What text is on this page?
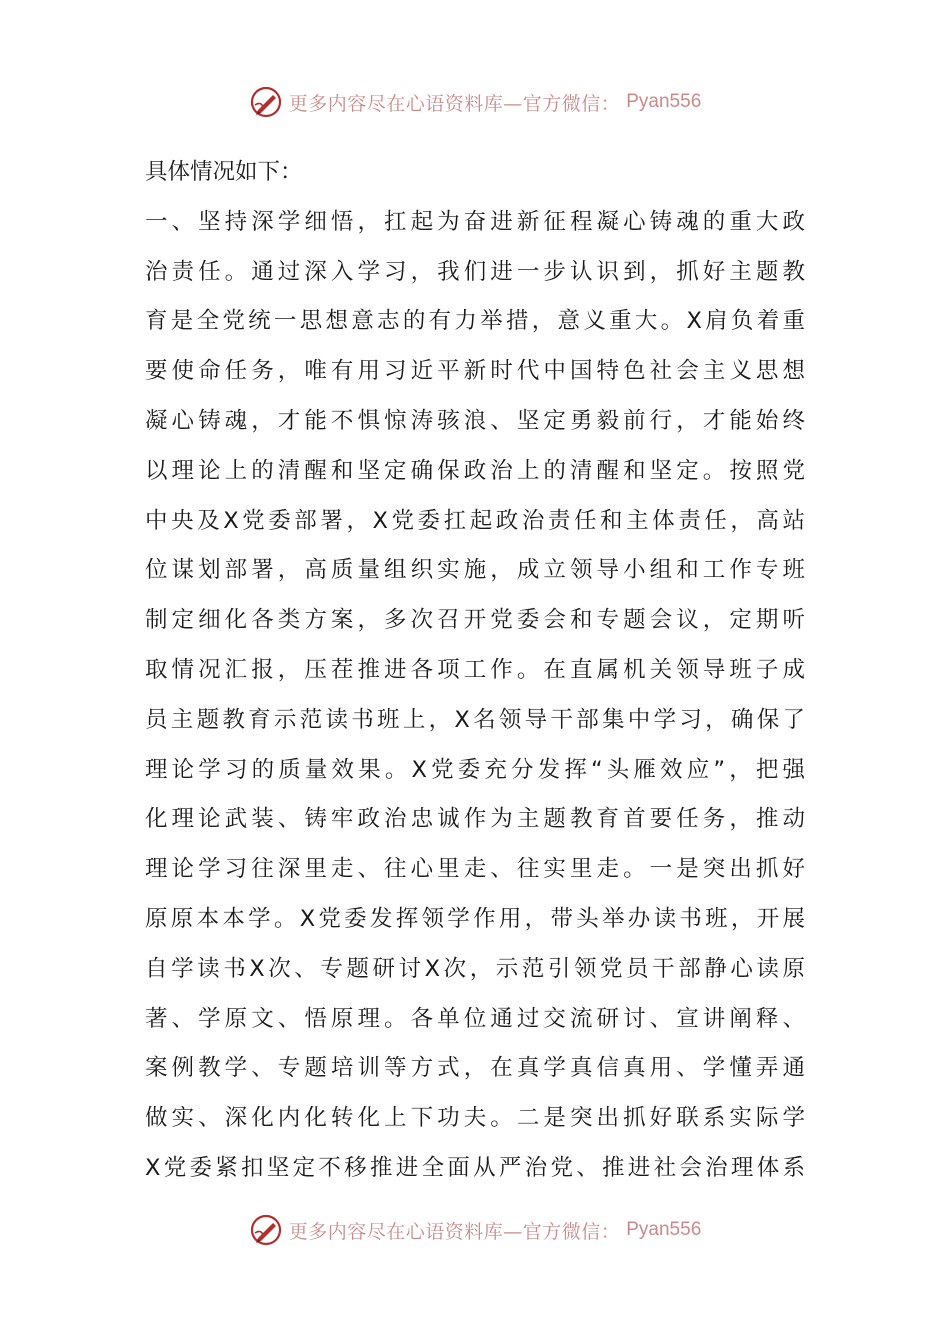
更多内容尽在心语资料库—官方微信： Pyan556
具体情况如下：
一、坚持深学细悟，扛起为奋进新征程凝心铸魂的重大政
治责任。通过深入学习，我们进一步认识到，抓好主题教
育是全党统一思想意志的有力举措，意义重大。X肩负着重
要使命任务，唯有用习近平新时代中国特色社会主义思想
凝心铸魂，才能不惧惊涛骇浪、坚定勇毅前行，才能始终
以理论上的清醒和坚定确保政治上的清醒和坚定。按照党
中央及X党委部署，X党委扛起政治责任和主体责任，高站
位谋划部署，高质量组织实施，成立领导小组和工作专班
制定细化各类方案，多次召开党委会和专题会议，定期听
取情况汇报，压茬推进各项工作。在直属机关领导班子成
员主题教育示范读书班上，X名领导干部集中学习，确保了
理论学习的质量效果。X党委充分发挥“头雁效应”，把强
化理论武装、铸牢政治忠诚作为主题教育首要任务，推动
理论学习往深里走、往心里走、往实里走。一是突出抓好
原原本本学。X党委发挥领学作用，带头举办读书班，开展
自学读书X次、专题研讨X次，示范引领党员干部静心读原
著、学原文、悟原理。各单位通过交流研讨、宣讲阐释、
案例教学、专题培训等方式，在真学真信真用、学懂弄通
做实、深化内化转化上下功夫。二是突出抓好联系实际学
X党委紧扣坚定不移推进全面从严治党、推进社会治理体系
更多内容尽在心语资料库—官方微信： Pyan556
